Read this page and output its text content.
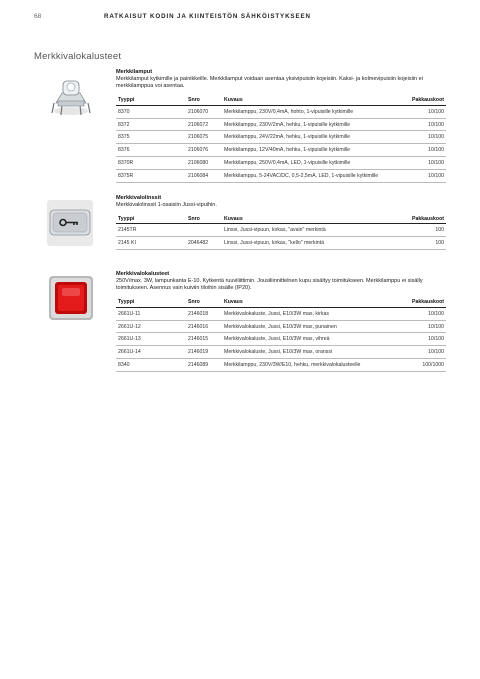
68	RATKAISUT KODIN JA KIINTEISTÖN SÄHKÖISTYKSEEN
Merkkivalokalusteet
Merkkilamput
Merkkilamput kytkimille ja painikkeille. Merkkilamput voidaan asentaa yksivipuisiin kojeisiin. Kaksi- ja kolmevipuisiin kojeisiin ei merkkilamppua voi asentaa.
Tyyppi	Snro	Kuvaus	Pakkauskoot
8370	2106070	Merkkilamppu, 230V/0,4mA, hohto, 1-vipuisille kytkimille	10/100
8372	2106072	Merkkilamppu, 230V/2mA, hehku, 1-vipuisille kytkimille	10/100
8375	2106075	Merkkilamppu, 24V/22mA, hehku, 1-vipuisille kytkimille	10/100
8376	2106076	Merkkilamppu, 12V/40mA, hehku, 1-vipuisille kytkimille	10/100
8370R	2106080	Merkkilamppu, 250V/0,4mA, LED, 1-vipuisille kytkimille	10/100
8375R	2106084	Merkkilamppu, 5-24VAC/DC, 0,5-2,5mA, LED, 1-vipuisille kytkimille	10/100
Merkkivalolinssit
Merkkivalolinssit 1-osaisiin Jussi-vipuihin.
Tyyppi	Snro	Kuvaus	Pakkauskoot
2145TR		Linssi, Jussi-vipuun, kirkas, "avain" merkintä	100
2145 KI	2046482	Linssi, Jussi-vipuun, kirkas, "kello" merkintä	100
Merkkivalokalusteet
250V/max. 3W, lampunkanta E-10. Kytkentä ruuviliittimin. Jousiliinnittelnen kupu sisältyy toimitukseen. Merkkilamppu ei sisälly toimitukseen. Asennus vain kuiviin tiloihin sisälle (IP20).
Tyyppi	Snro	Kuvaus	Pakkauskoot
2661U-11	2146018	Merkkivalokaluste, Jussi, E10/3W max, kirkas	10/100
2661U-12	2146016	Merkkivalokaluste, Jussi, E10/3W max, punainen	10/100
2661U-13	2146015	Merkkivalokaluste, Jussi, E10/3W max, vihreä	10/100
2661U-14	2146019	Merkkivalokaluste, Jussi, E10/3W max, oranssi	10/100
8340	2146089	Merkkilamppu, 230V/3W/E10, hehku, merkkivalokalusteelle	100/1000
